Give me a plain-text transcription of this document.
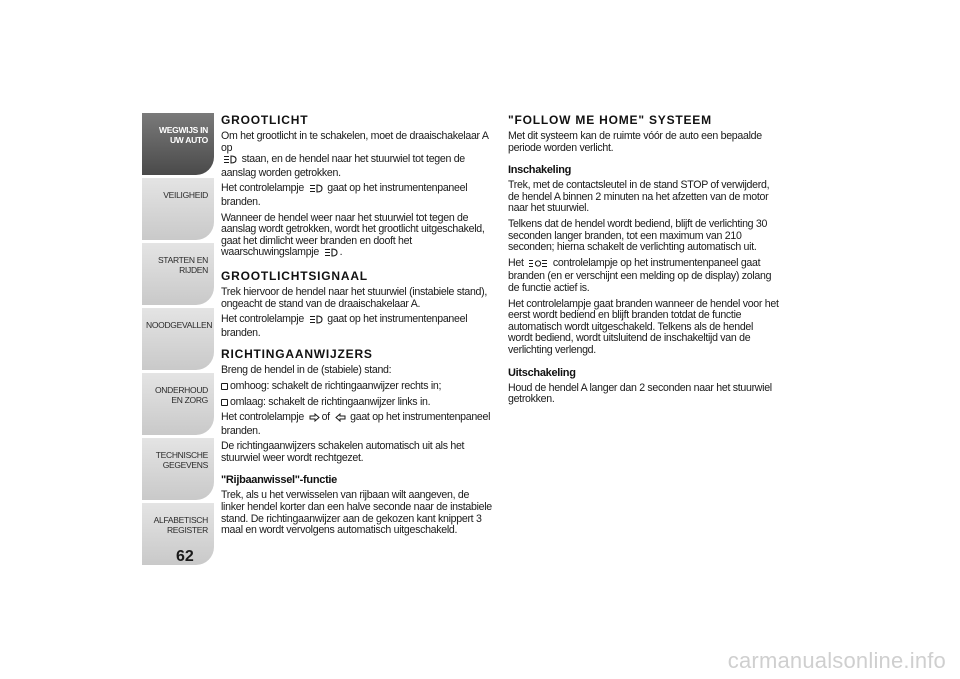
WEGWIJS IN UW AUTO
VEILIGHEID
STARTEN EN RIJDEN
NOODGEVALLEN
ONDERHOUD EN ZORG
TECHNISCHE GEGEVENS
ALFABETISCH REGISTER
62
GROOTLICHT

Om het grootlicht in te schakelen, moet de draaischakelaar A op
staan, en de hendel naar het stuurwiel tot tegen de aanslag worden getrokken.

Het controlelampje gaat op het instrumentenpaneel branden.

Wanneer de hendel weer naar het stuurwiel tot tegen de aanslag wordt getrokken, wordt het grootlicht uitgeschakeld, gaat het dimlicht weer branden en dooft het waarschuwingslampje .

GROOTLICHTSIGNAAL

Trek hiervoor de hendel naar het stuurwiel (instabiele stand), ongeacht de stand van de draaischakelaar A.

Het controlelampje gaat op het instrumentenpaneel branden.

RICHTINGAANWIJZERS

Breng de hendel in de (stabiele) stand:

omhoog: schakelt de richtingaanwijzer rechts in;

omlaag: schakelt de richtingaanwijzer links in.

Het controlelampje of gaat op het instrumentenpaneel branden.

De richtingaanwijzers schakelen automatisch uit als het stuurwiel weer wordt rechtgezet.

"Rijbaanwissel"-functie

Trek, als u het verwisselen van rijbaan wilt aangeven, de linker hendel korter dan een halve seconde naar de instabiele stand. De richtingaanwijzer aan de gekozen kant knippert 3 maal en wordt vervolgens automatisch uitgeschakeld.

"FOLLOW ME HOME" SYSTEEM

Met dit systeem kan de ruimte vóór de auto een bepaalde periode worden verlicht.

Inschakeling

Trek, met de contactsleutel in de stand STOP of verwijderd, de hendel A binnen 2 minuten na het afzetten van de motor naar het stuurwiel.

Telkens dat de hendel wordt bediend, blijft de verlichting 30 seconden langer branden, tot een maximum van 210 seconden; hierna schakelt de verlichting automatisch uit.

Het	controlelampje op het instrumentenpaneel gaat branden (en er verschijnt een melding op de display) zolang de functie actief is.

Het controlelampje gaat branden wanneer de hendel voor het eerst wordt bediend en blijft branden totdat de functie automatisch wordt uitgeschakeld. Telkens als de hendel wordt bediend, wordt uitsluitend de inschakeltijd van de verlichting verlengd.

Uitschakeling

Houd de hendel A langer dan 2 seconden naar het stuurwiel getrokken.

carmanualsonline.info
